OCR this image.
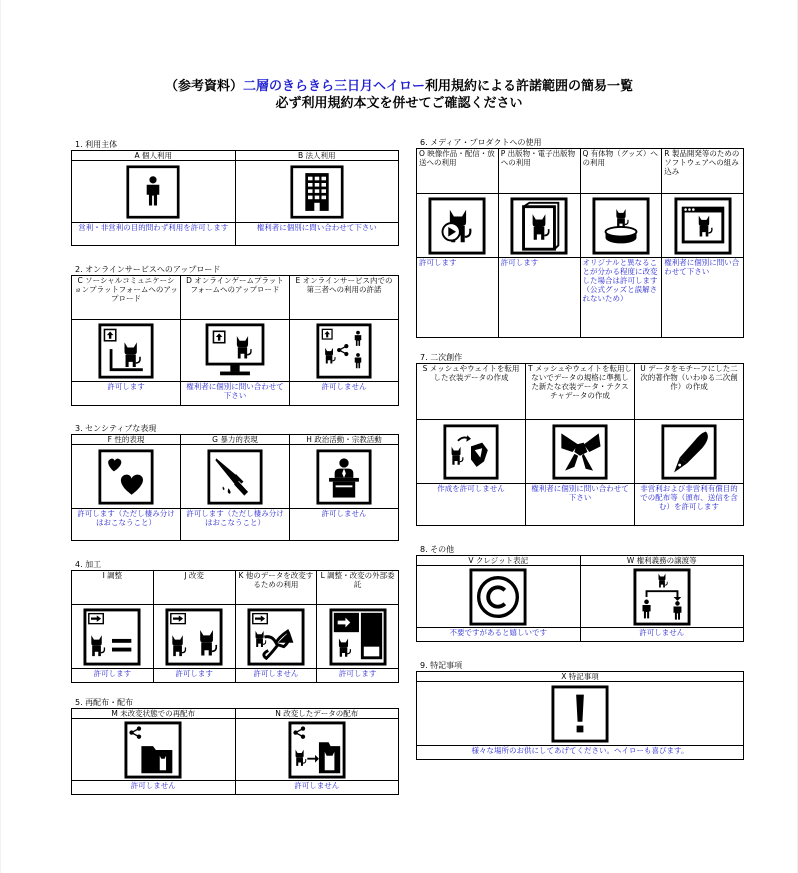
（参考資料）二層のきらきら三日月ヘイロー利用規約による許諾範囲の簡易一覧
必ず利用規約本文を併せてご確認ください
1. 利用主体
A 個人利用	B 法人利用

営利・非営利の目的問わず利用を許可します	権利者に個別に問い合わせて下さい
2. オンラインサービスへのアップロード
C ソーシャルコミュニケーションプラットフォームへのアップロード	D オンラインゲームプラットフォームへのアップロード	E オンラインサービス内での第三者への利用の許諾

許可します	権利者に個別に問い合わせて下さい	許可しません
3. センシティブな表現
F 性的表現	G 暴力的表現	H 政治活動・宗教活動

許可します（ただし棲み分けはおこなうこと）	許可します（ただし棲み分けはおこなうこと）	許可しません
4. 加工
I 調整	J 改変	K 他のデータを改変するための利用	L 調整・改変の外部委託

許可します	許可します	許可しません	許可します
5. 再配布・配布
M 未改変状態での再配布	N 改変したデータの配布

許可しません	許可しません
6. メディア・プロダクトへの使用
O 映像作品・配信・放送への利用	P 出版物・電子出版物への利用	Q 有体物（グッズ）への利用	R 製品開発等のためのソフトウェアへの組み込み

許可します	許可します	オリジナルと異なることが分かる程度に改変した場合は許可します（公式グッズと誤解されないため）	権利者に個別に問い合わせて下さい
7. 二次創作
S メッシュやウェイトを転用した衣装データの作成	T メッシュやウェイトを転用しないでデータの規格に準拠した新たな衣装データ・テクスチャデータの作成	U データをモチーフにした二次的著作物（いわゆる二次創作）の作成

作成を許可しません	権利者に個別に問い合わせて下さい	非営利および非営利有償目的での配布等（頒布、送信を含む）を許可します
8. その他
V クレジット表記	W 権利義務の譲渡等

不要ですがあると嬉しいです	許可しません
9. 特記事項
X 特記事項

様々な場所のお供にしてあげてください。ヘイローも喜びます。
